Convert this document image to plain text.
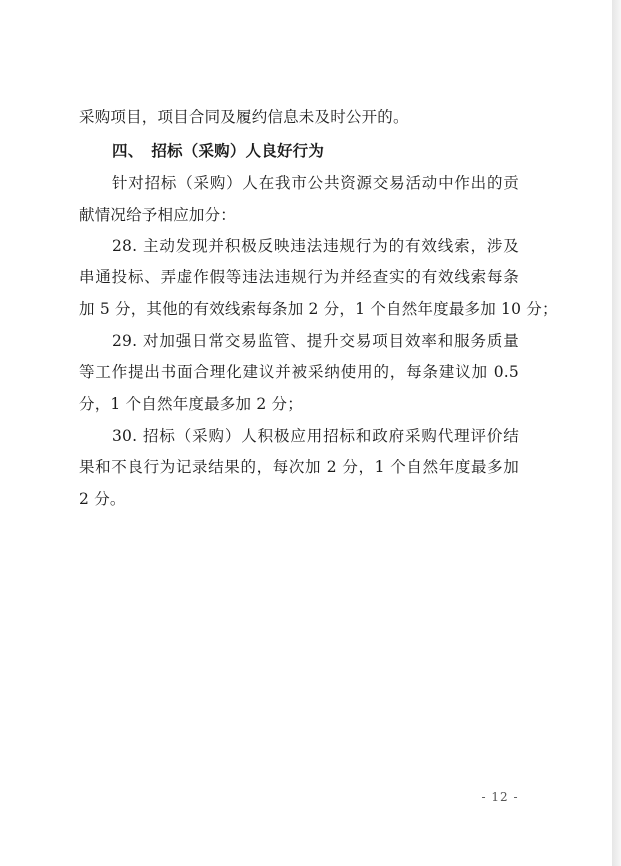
采购项目，项目合同及履约信息未及时公开的。
四、　招标（采购）人良好行为
针对招标（采购）人在我市公共资源交易活动中作出的贡
献情况给予相应加分：
28. 主动发现并积极反映违法违规行为的有效线索，涉及
串通投标、弄虚作假等违法违规行为并经查实的有效线索每条
加 5 分，其他的有效线索每条加 2 分，1 个自然年度最多加 10 分；
29. 对加强日常交易监管、提升交易项目效率和服务质量
等工作提出书面合理化建议并被采纳使用的，每条建议加 0.5
分，1 个自然年度最多加 2 分；
30. 招标（采购）人积极应用招标和政府采购代理评价结
果和不良行为记录结果的，每次加 2 分，1 个自然年度最多加
2 分。
- 12 -
